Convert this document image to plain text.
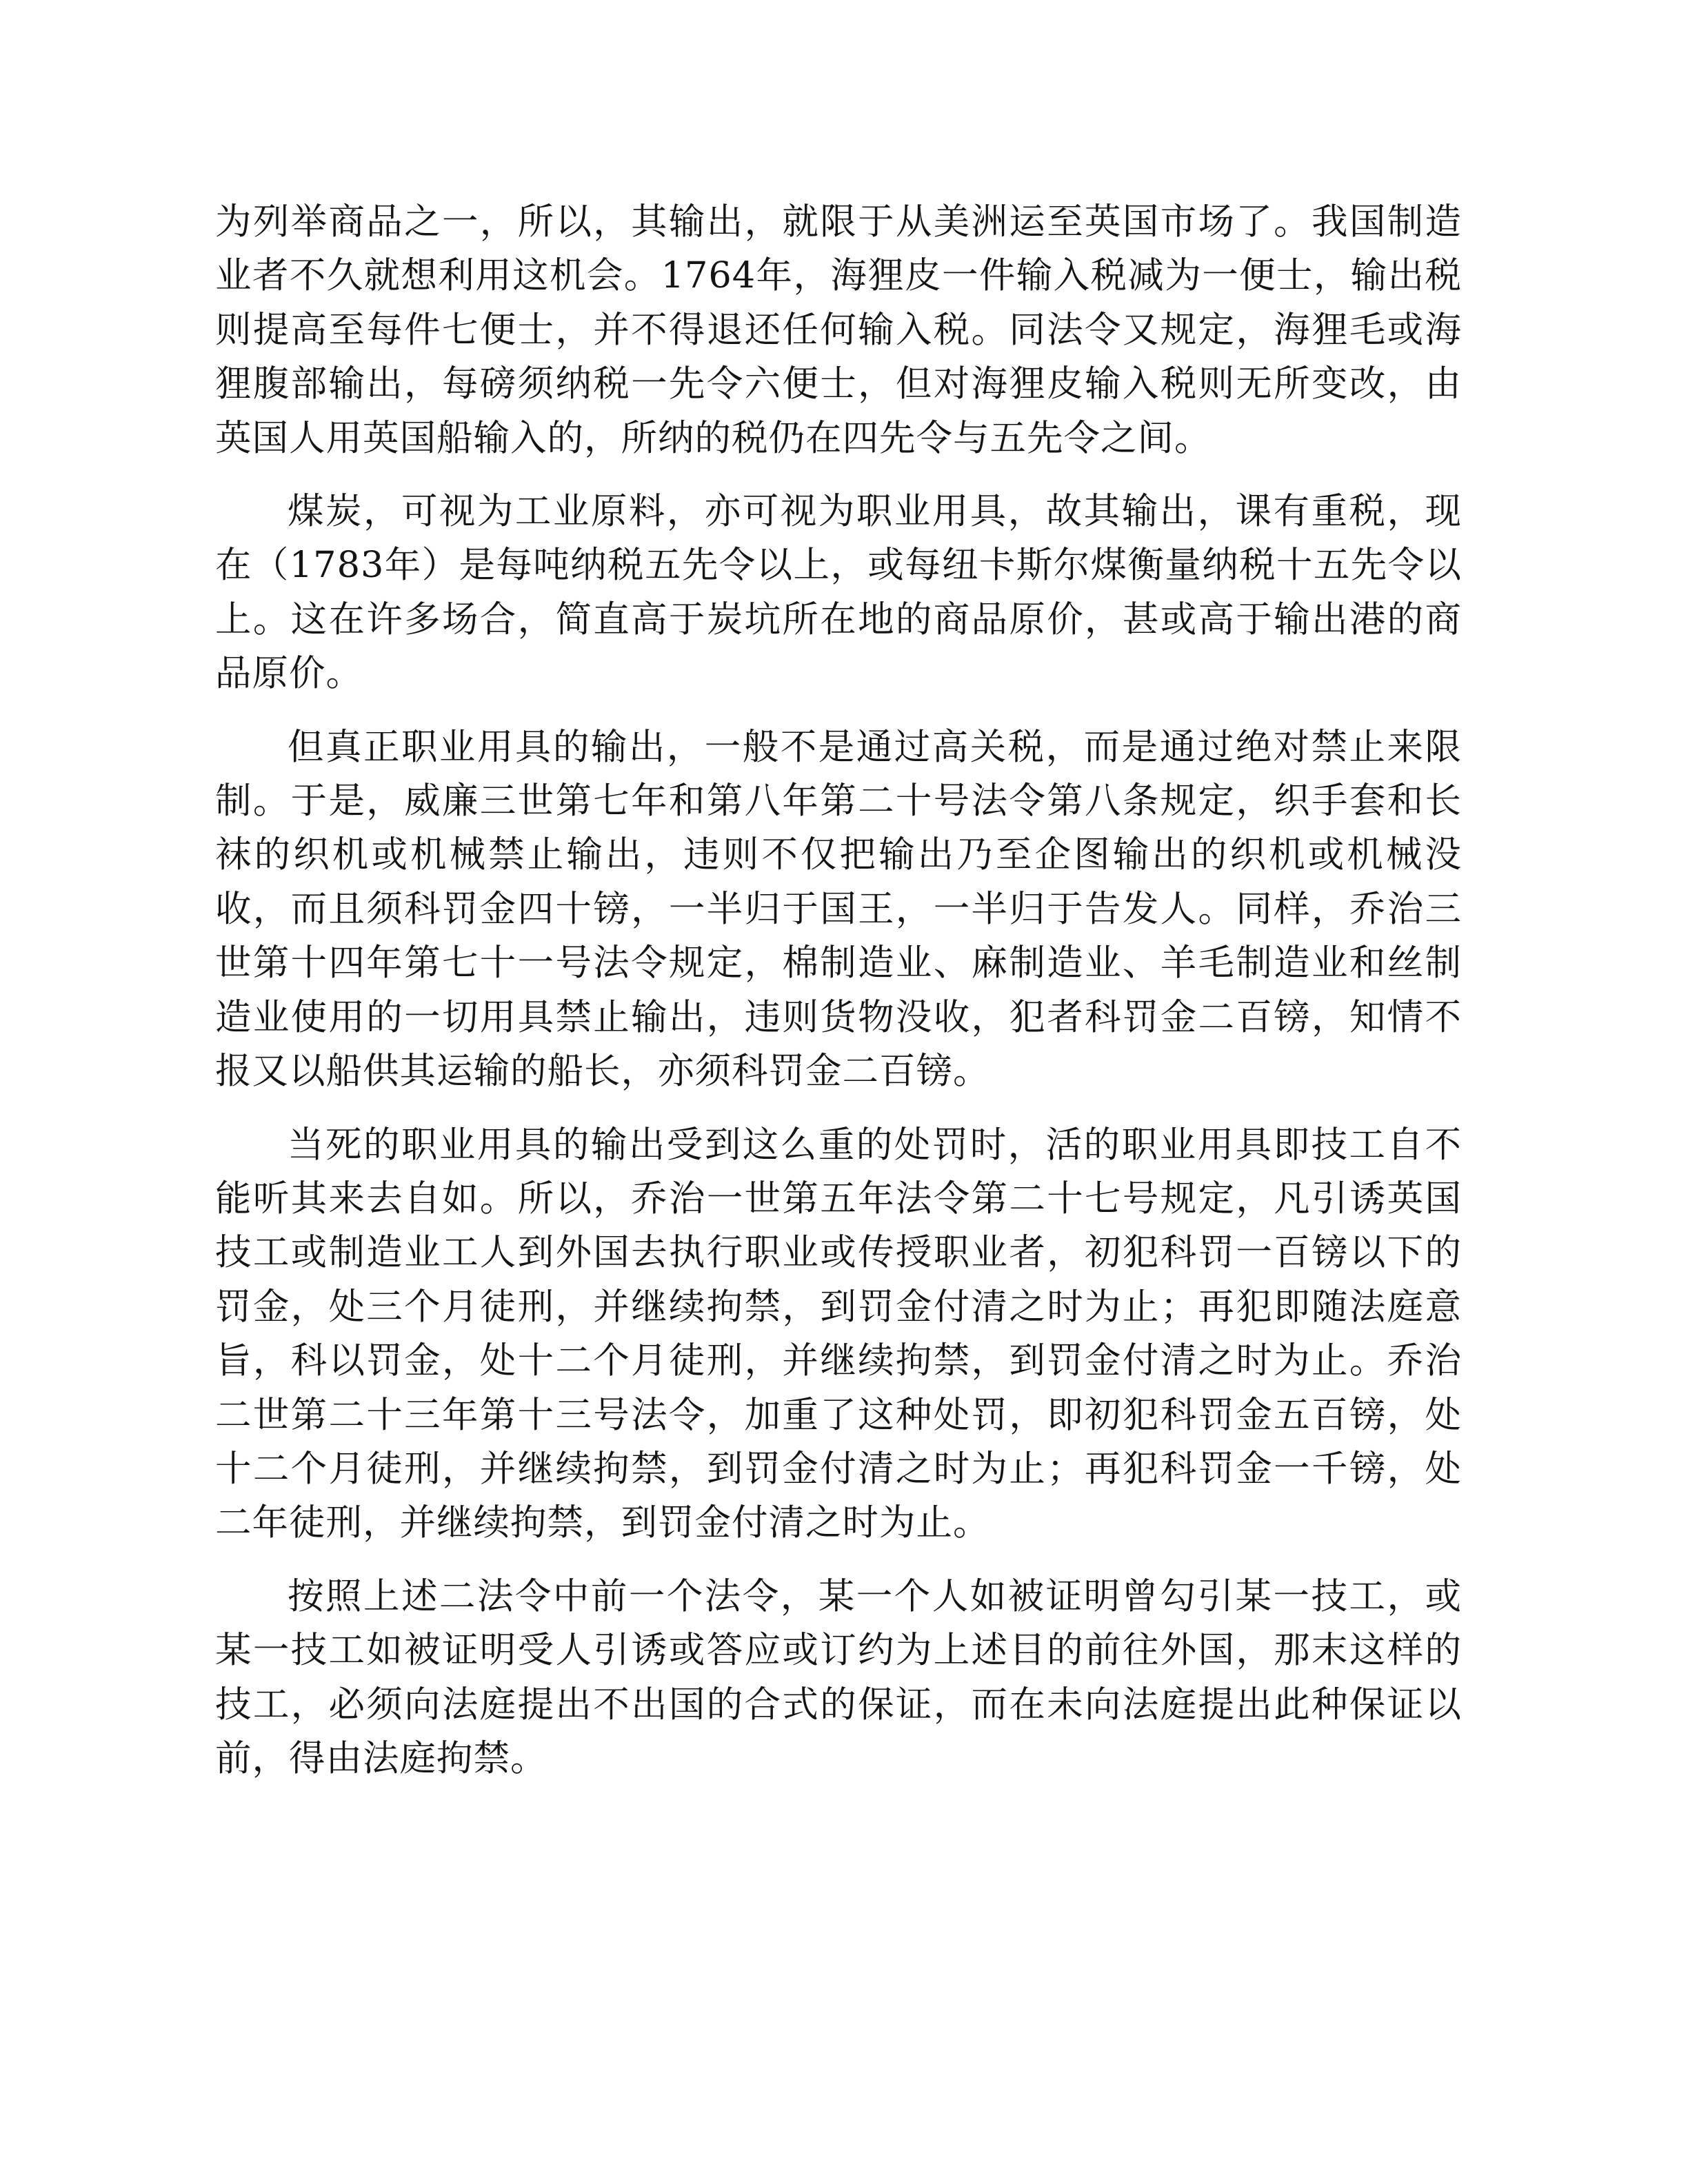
为列举商品之一，所以，其输出，就限于从美洲运至英国市场了。我国制造业者不久就想利用这机会。1764年，海狸皮一件输入税减为一便士，输出税则提高至每件七便士，并不得退还任何输入税。同法令又规定，海狸毛或海狸腹部输出，每磅须纳税一先令六便士，但对海狸皮输入税则无所变改，由英国人用英国船输入的，所纳的税仍在四先令与五先令之间。

煤炭，可视为工业原料，亦可视为职业用具，故其输出，课有重税，现在（1783年）是每吨纳税五先令以上，或每纽卡斯尔煤衡量纳税十五先令以上。这在许多场合，简直高于炭坑所在地的商品原价，甚或高于输出港的商品原价。

但真正职业用具的输出，一般不是通过高关税，而是通过绝对禁止来限制。于是，威廉三世第七年和第八年第二十号法令第八条规定，织手套和长袜的织机或机械禁止输出，违则不仅把输出乃至企图输出的织机或机械没收，而且须科罚金四十镑，一半归于国王，一半归于告发人。同样，乔治三世第十四年第七十一号法令规定，棉制造业、麻制造业、羊毛制造业和丝制造业使用的一切用具禁止输出，违则货物没收，犯者科罚金二百镑，知情不报又以船供其运输的船长，亦须科罚金二百镑。

当死的职业用具的输出受到这么重的处罚时，活的职业用具即技工自不能听其来去自如。所以，乔治一世第五年法令第二十七号规定，凡引诱英国技工或制造业工人到外国去执行职业或传授职业者，初犯科罚一百镑以下的罚金，处三个月徒刑，并继续拘禁，到罚金付清之时为止；再犯即随法庭意旨，科以罚金，处十二个月徒刑，并继续拘禁，到罚金付清之时为止。乔治二世第二十三年第十三号法令，加重了这种处罚，即初犯科罚金五百镑，处十二个月徒刑，并继续拘禁，到罚金付清之时为止；再犯科罚金一千镑，处二年徒刑，并继续拘禁，到罚金付清之时为止。

按照上述二法令中前一个法令，某一个人如被证明曾勾引某一技工，或某一技工如被证明受人引诱或答应或订约为上述目的前往外国，那末这样的技工，必须向法庭提出不出国的合式的保证，而在未向法庭提出此种保证以前，得由法庭拘禁。
